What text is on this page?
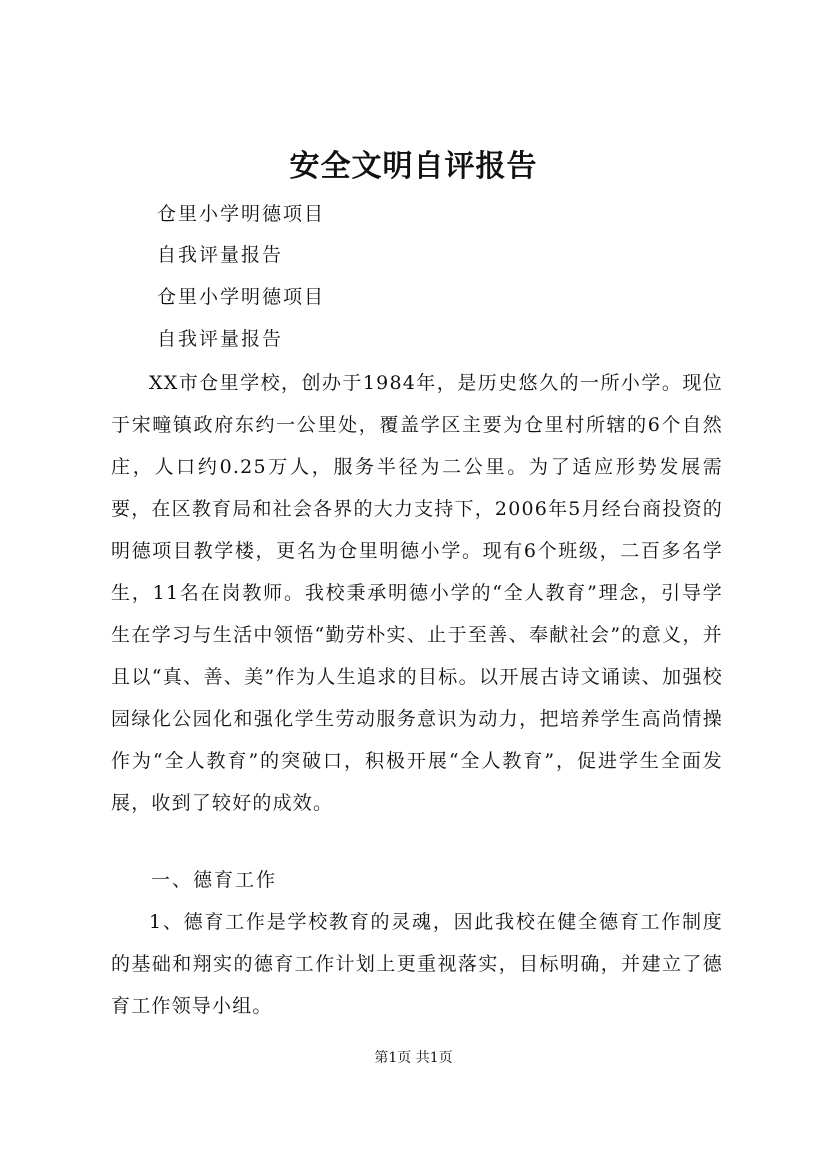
安全文明自评报告
仓里小学明德项目
自我评量报告
仓里小学明德项目
自我评量报告

XX市仓里学校，创办于1984年，是历史悠久的一所小学。现位于宋疃镇政府东约一公里处，覆盖学区主要为仓里村所辖的6个自然庄，人口约0.25万人，服务半径为二公里。为了适应形势发展需要，在区教育局和社会各界的大力支持下，2006年5月经台商投资的明德项目教学楼，更名为仓里明德小学。现有6个班级，二百多名学生，11名在岗教师。我校秉承明德小学的“全人教育”理念，引导学生在学习与生活中领悟“勤劳朴实、止于至善、奉献社会”的意义，并且以“真、善、美”作为人生追求的目标。以开展古诗文诵读、加强校园绿化公园化和强化学生劳动服务意识为动力，把培养学生高尚情操作为“全人教育”的突破口，积极开展“全人教育”，促进学生全面发展，收到了较好的成效。

一、德育工作

1、德育工作是学校教育的灵魂，因此我校在健全德育工作制度的基础和翔实的德育工作计划上更重视落实，目标明确，并建立了德育工作领导小组。

第1页 共1页
